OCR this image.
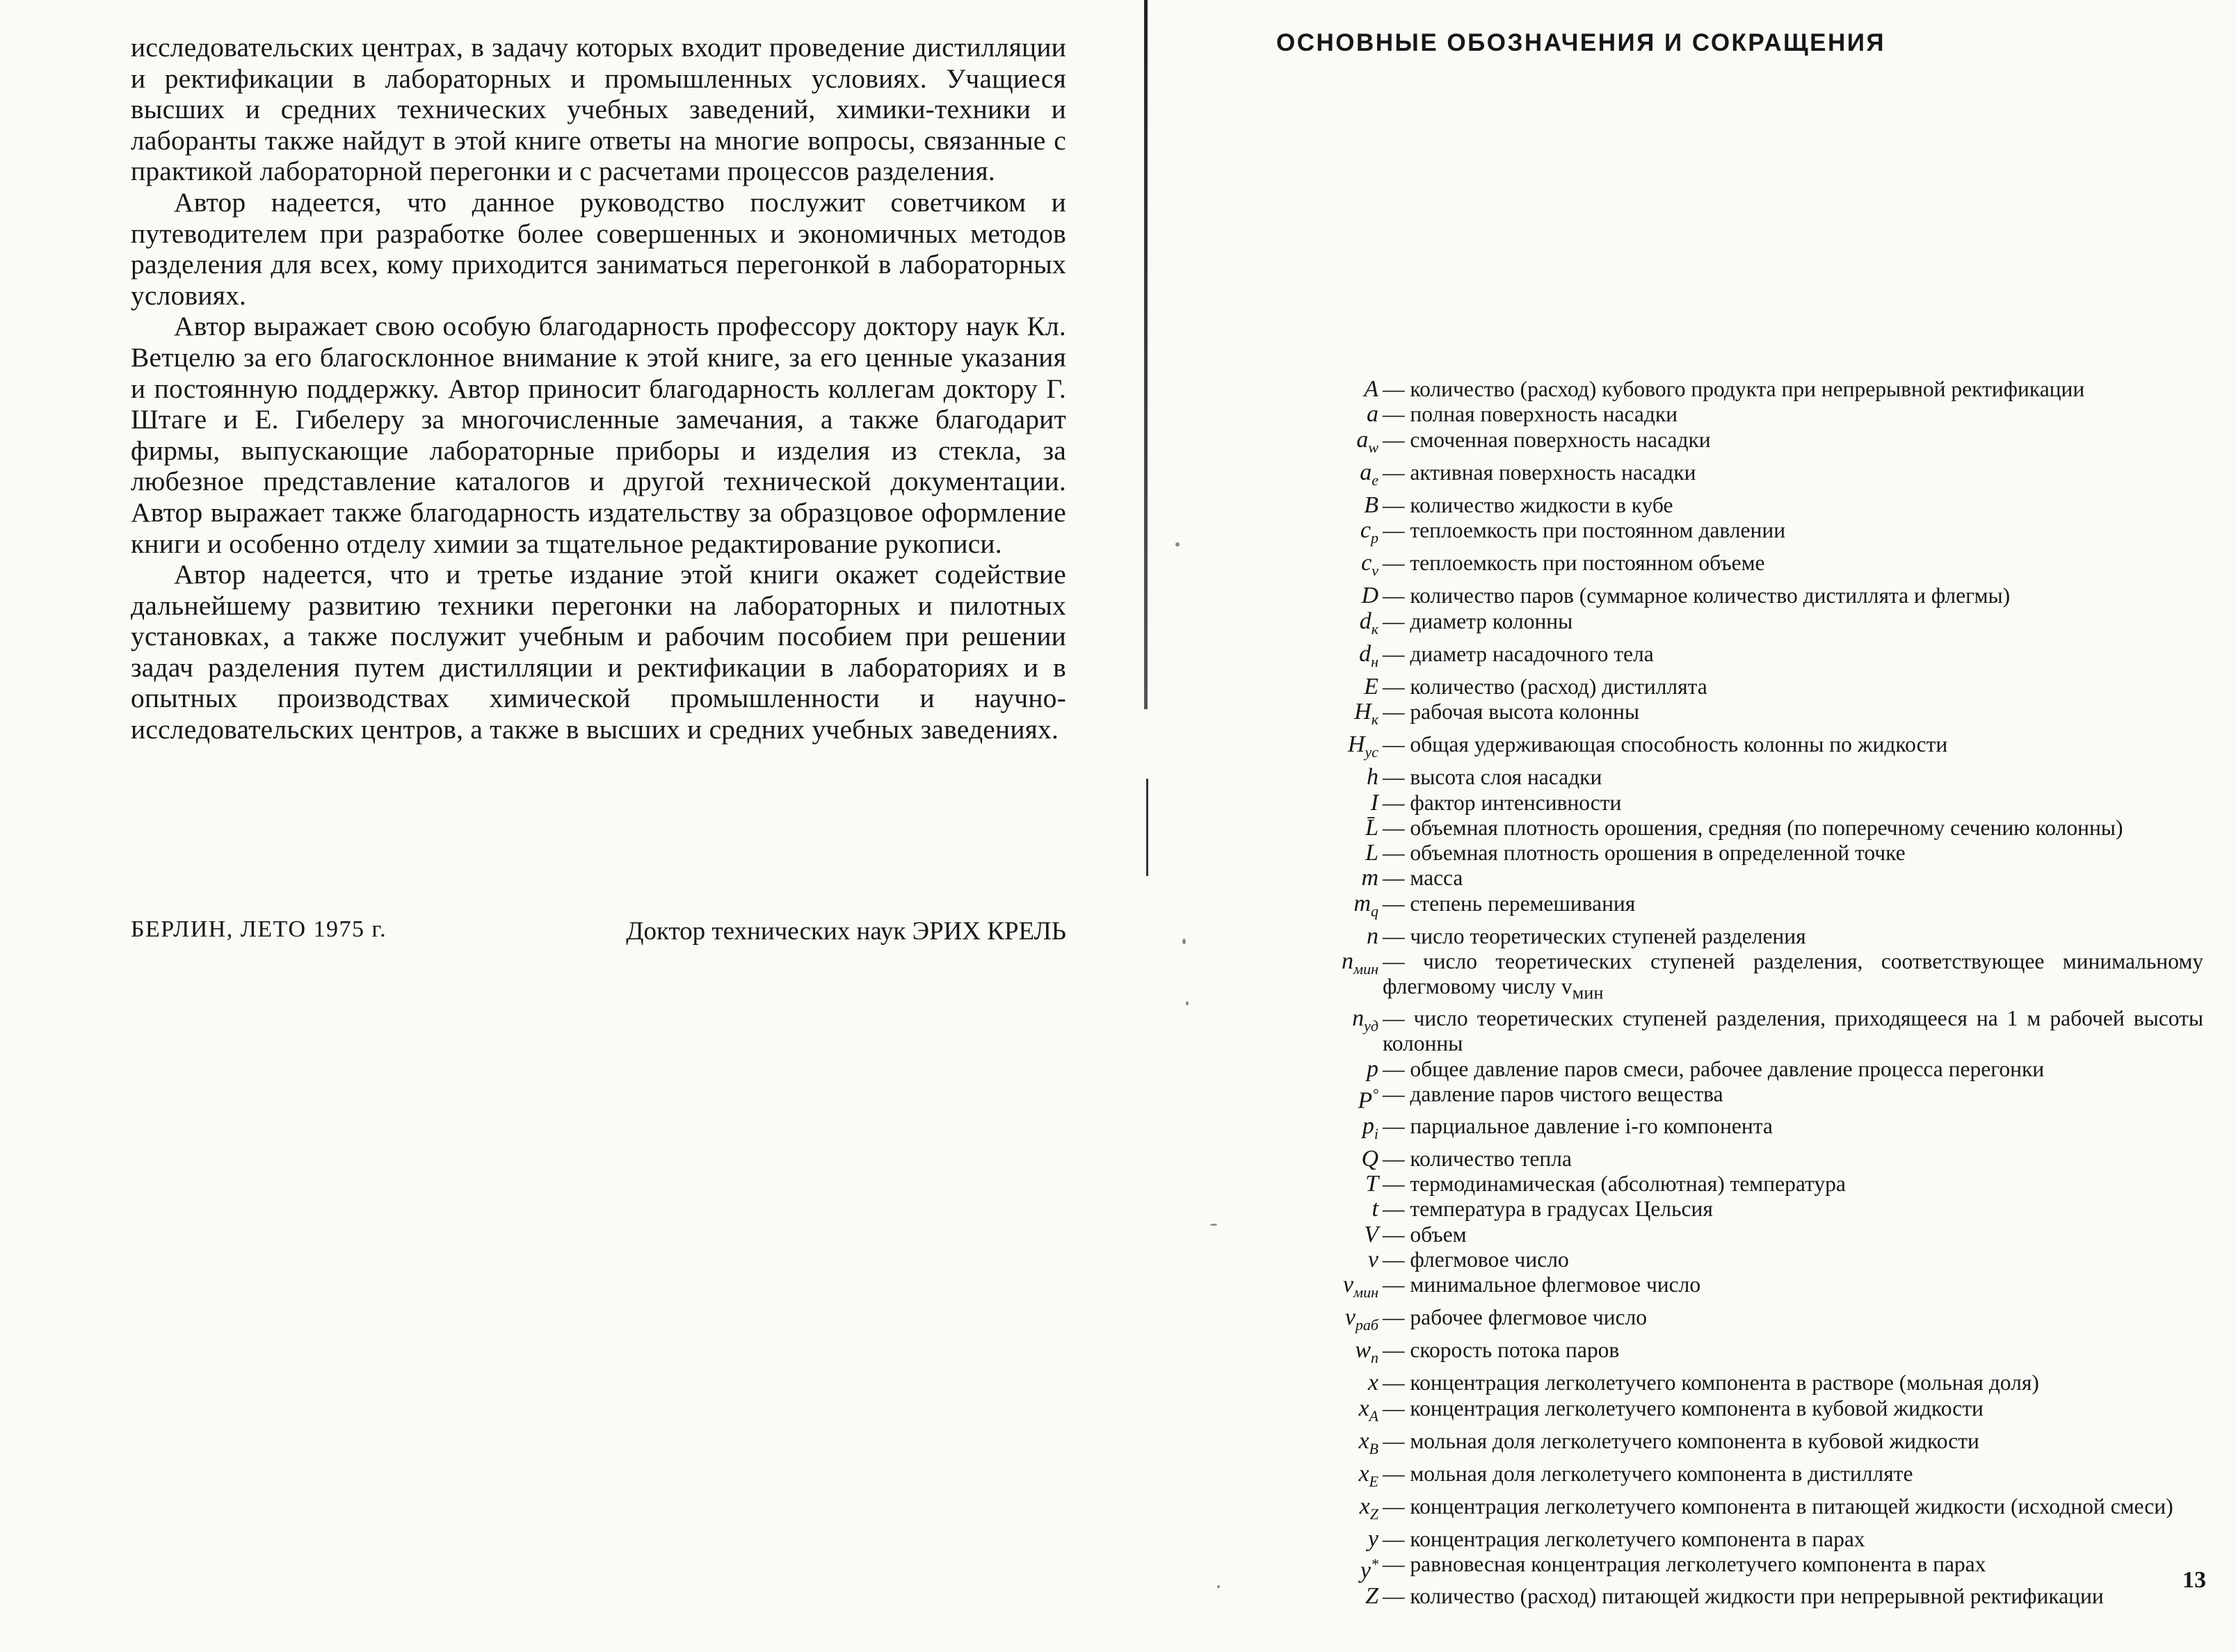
исследовательских центрах, в задачу которых входит проведение дистилляции и ректификации в лабораторных и промышленных условиях. Учащиеся высших и средних технических учебных заведений, химики-техники и лаборанты также найдут в этой книге ответы на многие вопросы, связанные с практикой лабораторной перегонки и с расчетами процессов разделения.

Автор надеется, что данное руководство послужит советчиком и путеводителем при разработке более совершенных и экономичных методов разделения для всех, кому приходится заниматься перегонкой в лабораторных условиях.

Автор выражает свою особую благодарность профессору доктору наук Кл. Ветцелю за его благосклонное внимание к этой книге, за его ценные указания и постоянную поддержку. Автор приносит благодарность коллегам доктору Г. Штаге и Е. Гибелеру за многочисленные замечания, а также благодарит фирмы, выпускающие лабораторные приборы и изделия из стекла, за любезное представление каталогов и другой технической документации. Автор выражает также благодарность издательству за образцовое оформление книги и особенно отделу химии за тщательное редактирование рукописи.

Автор надеется, что и третье издание этой книги окажет содействие дальнейшему развитию техники перегонки на лабораторных и пилотных установках, а также послужит учебным и рабочим пособием при решении задач разделения путем дистилляции и ректификации в лабораториях и в опытных производствах химической промышленности и научно-исследовательских центров, а также в высших и средних учебных заведениях.

БЕРЛИН, ЛЕТО 1975 г.	Доктор технических наук ЭРИХ КРЕЛЬ
ОСНОВНЫЕ ОБОЗНАЧЕНИЯ И СОКРАЩЕНИЯ
A	— количество (расход) кубового продукта при непрерывной ректификации
a	— полная поверхность насадки
$a_w$	— смоченная поверхность насадки
$a_e$	— активная поверхность насадки
B	— количество жидкости в кубе
$c_p$	— теплоемкость при постоянном давлении
$c_v$	— теплоемкость при постоянном объеме
D	— количество паров (суммарное количество дистиллята и флегмы)
$d_к$	— диаметр колонны
$d_н$	— диаметр насадочного тела
E	— количество (расход) дистиллята
$H_к$	— рабочая высота колонны
$H_{ус}$	— общая удерживающая способность колонны по жидкости
h	— высота слоя насадки
I	— фактор интенсивности
L̄	— объемная плотность орошения, средняя (по поперечному сечению колонны)
L	— объемная плотность орошения в определенной точке
m	— масса
$m_q$	— степень перемешивания
n	— число теоретических ступеней разделения
$n_{мин}$	— число теоретических ступеней разделения, соответствующее минимальному флегмовому числу $v_{мин}$
$n_{уд}$	— число теоретических ступеней разделения, приходящееся на 1 м рабочей высоты колонны
p	— общее давление паров смеси, рабочее давление процесса перегонки
P°	— давление паров чистого вещества
$p_i$	— парциальное давление i-го компонента
Q	— количество тепла
T	— термодинамическая (абсолютная) температура
t	— температура в градусах Цельсия
V	— объем
v	— флегмовое число
$v_{мин}$	— минимальное флегмовое число
$v_{раб}$	— рабочее флегмовое число
$w_n$	— скорость потока паров
x	— концентрация легколетучего компонента в растворе (мольная доля)
$x_A$	— концентрация легколетучего компонента в кубовой жидкости
$x_B$	— мольная доля легколетучего компонента в кубовой жидкости
$x_E$	— мольная доля легколетучего компонента в дистилляте
$x_Z$	— концентрация легколетучего компонента в питающей жидкости (исходной смеси)
y	— концентрация легколетучего компонента в парах
y*	— равновесная концентрация легколетучего компонента в парах
Z	— количество (расход) питающей жидкости при непрерывной ректификации
13
